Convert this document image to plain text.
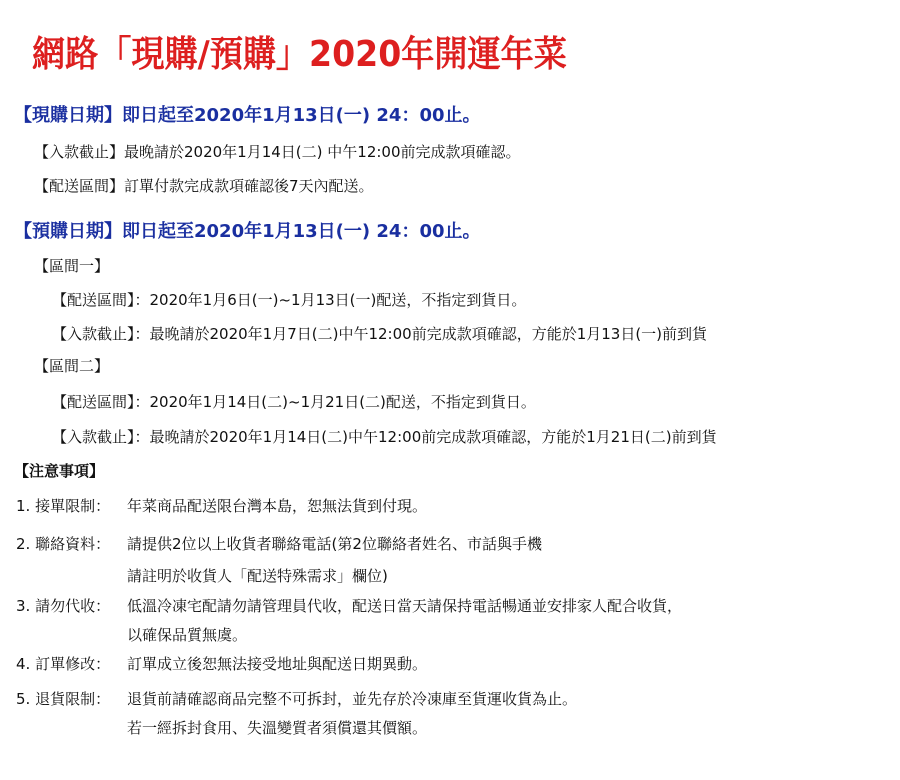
網路「現購/預購」2020年開運年菜
【現購日期】即日起至2020年1月13日(一) 24：00止。
【入款截止】最晚請於2020年1月14日(二) 中午12:00前完成款項確認。
【配送區間】訂單付款完成款項確認後7天內配送。
【預購日期】即日起至2020年1月13日(一) 24：00止。
【區間一】
【配送區間】：2020年1月6日(一)~1月13日(一)配送，不指定到貨日。
【入款截止】：最晚請於2020年1月7日(二)中午12:00前完成款項確認，方能於1月13日(一)前到貨
【區間二】
【配送區間】：2020年1月14日(二)~1月21日(二)配送，不指定到貨日。
【入款截止】：最晚請於2020年1月14日(二)中午12:00前完成款項確認，方能於1月21日(二)前到貨
【注意事項】
1. 接單限制： 年菜商品配送限台灣本島，恕無法貨到付現。
2. 聯絡資料： 請提供2位以上收貨者聯絡電話(第2位聯絡者姓名、市話與手機
請註明於收貨人「配送特殊需求」欄位)
3. 請勿代收： 低溫冷凍宅配請勿請管理員代收，配送日當天請保持電話暢通並安排家人配合收貨，
以確保品質無虞。
4. 訂單修改： 訂單成立後恕無法接受地址與配送日期異動。
5. 退貨限制： 退貨前請確認商品完整不可拆封，並先存於冷凍庫至貨運收貨為止。
若一經拆封食用、失溫變質者須償還其價額。
